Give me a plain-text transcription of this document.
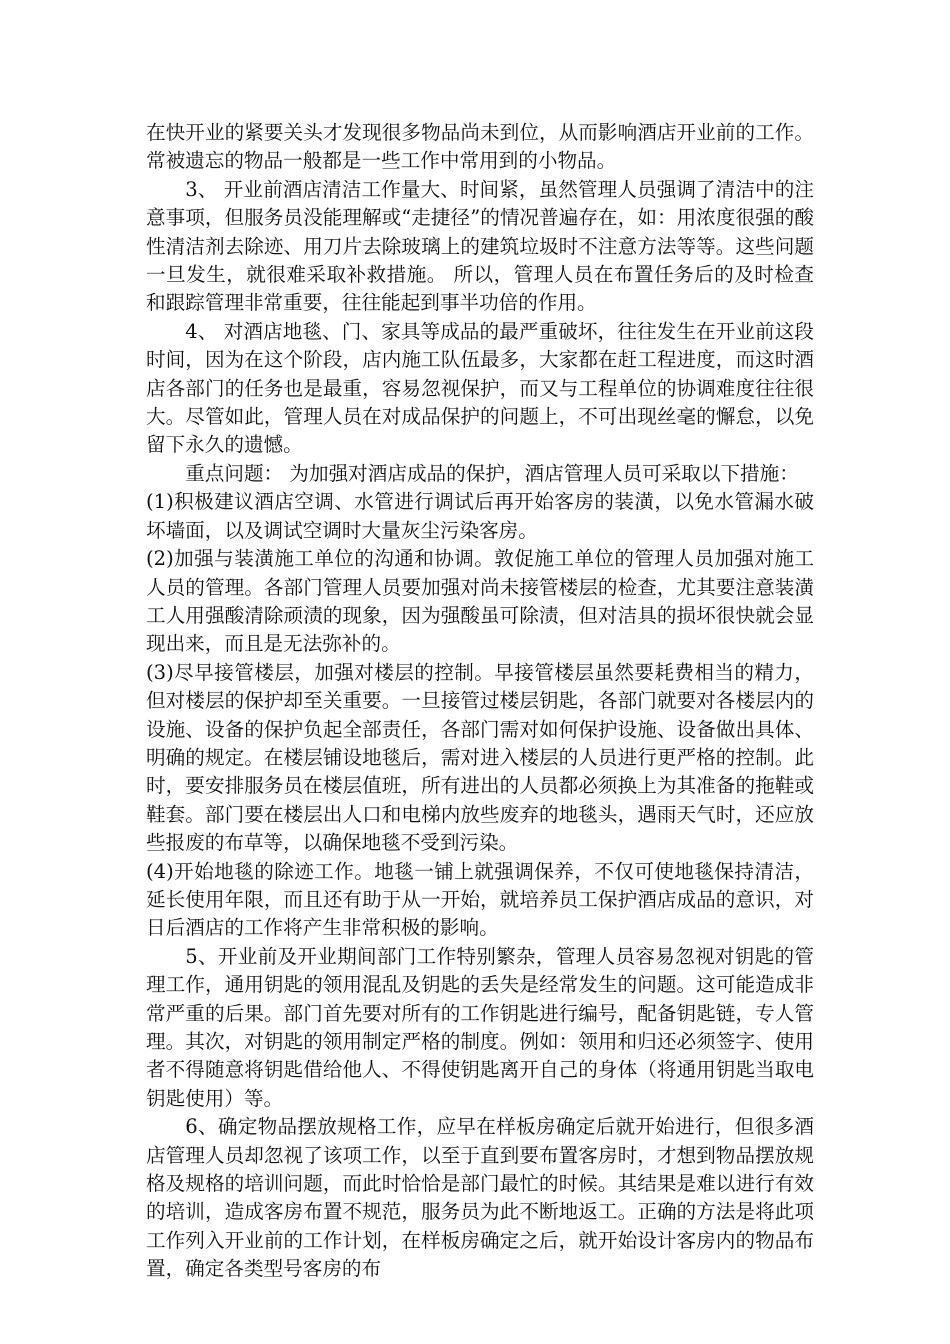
在快开业的紧要关头才发现很多物品尚未到位，从而影响酒店开业前的工作。常被遗忘的物品一般都是一些工作中常用到的小物品。

3、 开业前酒店清洁工作量大、时间紧，虽然管理人员强调了清洁中的注意事项，但服务员没能理解或“走捷径”的情况普遍存在，如：用浓度很强的酸性清洁剂去除迹、用刀片去除玻璃上的建筑垃圾时不注意方法等等。这些问题一旦发生，就很难采取补救措施。 所以，管理人员在布置任务后的及时检查和跟踪管理非常重要，往往能起到事半功倍的作用。

4、 对酒店地毯、门、家具等成品的最严重破坏，往往发生在开业前这段时间，因为在这个阶段，店内施工队伍最多，大家都在赶工程进度，而这时酒店各部门的任务也是最重，容易忽视保护，而又与工程单位的协调难度往往很大。尽管如此，管理人员在对成品保护的问题上，不可出现丝毫的懈怠，以免留下永久的遗憾。

重点问题： 为加强对酒店成品的保护，酒店管理人员可采取以下措施：

(1)积极建议酒店空调、水管进行调试后再开始客房的装潢，以免水管漏水破坏墙面，以及调试空调时大量灰尘污染客房。

(2)加强与装潢施工单位的沟通和协调。敦促施工单位的管理人员加强对施工人员的管理。各部门管理人员要加强对尚未接管楼层的检查，尤其要注意装潢工人用强酸清除顽渍的现象，因为强酸虽可除渍，但对洁具的损坏很快就会显现出来，而且是无法弥补的。

(3)尽早接管楼层，加强对楼层的控制。早接管楼层虽然要耗费相当的精力，但对楼层的保护却至关重要。一旦接管过楼层钥匙，各部门就要对各楼层内的设施、设备的保护负起全部责任，各部门需对如何保护设施、设备做出具体、明确的规定。在楼层铺设地毯后，需对进入楼层的人员进行更严格的控制。此时，要安排服务员在楼层值班，所有进出的人员都必须换上为其准备的拖鞋或鞋套。部门要在楼层出人口和电梯内放些废弃的地毯头，遇雨天气时，还应放些报废的布草等，以确保地毯不受到污染。

(4)开始地毯的除迹工作。地毯一铺上就强调保养，不仅可使地毯保持清洁，延长使用年限，而且还有助于从一开始，就培养员工保护酒店成品的意识，对日后酒店的工作将产生非常积极的影响。

5、开业前及开业期间部门工作特别繁杂，管理人员容易忽视对钥匙的管理工作，通用钥匙的领用混乱及钥匙的丢失是经常发生的问题。这可能造成非常严重的后果。部门首先要对所有的工作钥匙进行编号，配备钥匙链，专人管理。其次，对钥匙的领用制定严格的制度。例如：领用和归还必须签字、使用者不得随意将钥匙借给他人、不得使钥匙离开自己的身体（将通用钥匙当取电钥匙使用）等。

6、确定物品摆放规格工作，应早在样板房确定后就开始进行，但很多酒店管理人员却忽视了该项工作，以至于直到要布置客房时，才想到物品摆放规格及规格的培训问题，而此时恰恰是部门最忙的时候。其结果是难以进行有效的培训，造成客房布置不规范，服务员为此不断地返工。正确的方法是将此项工作列入开业前的工作计划，在样板房确定之后，就开始设计客房内的物品布置，确定各类型号客房的布
